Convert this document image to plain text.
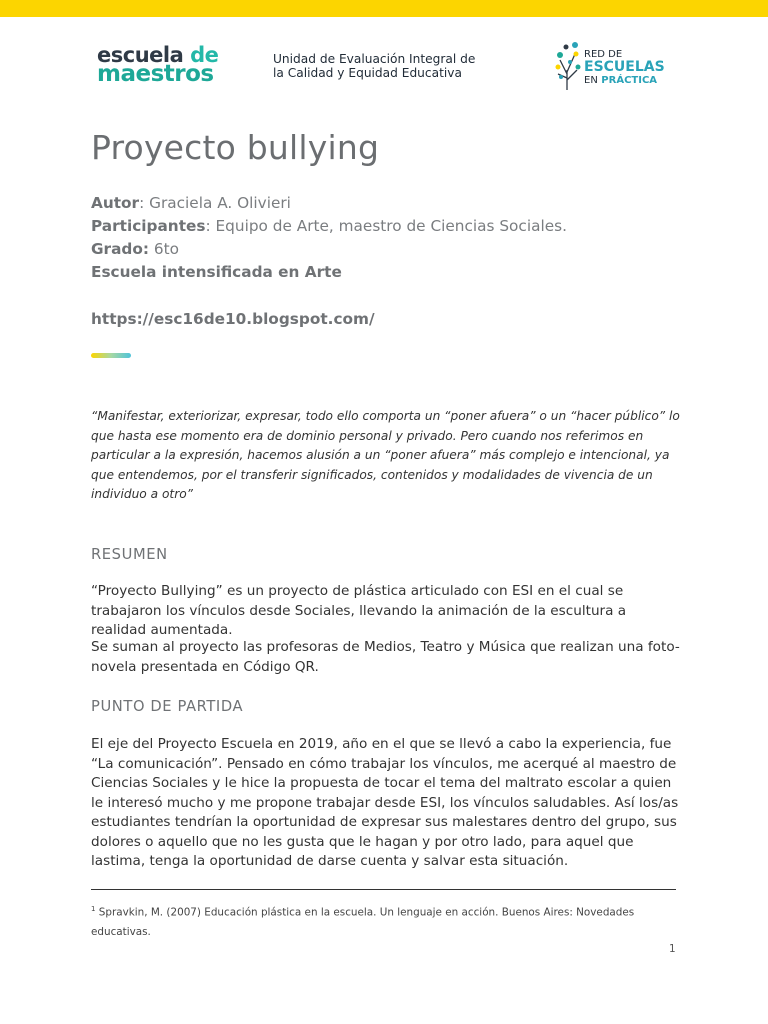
escuela de
maestros
Unidad de Evaluación Integral de
la Calidad y Equidad Educativa
RED DE
ESCUELAS
EN PRÁCTICA
Proyecto bullying
Autor: Graciela A. Olivieri
Participantes: Equipo de Arte, maestro de Ciencias Sociales.
Grado: 6to
Escuela intensificada en Arte
https://esc16de10.blogspot.com/
“Manifestar, exteriorizar, expresar, todo ello comporta un “poner afuera” o un “hacer público” lo que hasta ese momento era de dominio personal y privado. Pero cuando nos referimos en particular a la expresión, hacemos alusión a un “poner afuera” más complejo e intencional, ya que entendemos, por el transferir significados, contenidos y modalidades de vivencia de un individuo a otro”
RESUMEN

“Proyecto Bullying” es un proyecto de plástica articulado con ESI en el cual se trabajaron los vínculos desde Sociales, llevando la animación de la escultura a realidad aumentada.

Se suman al proyecto las profesoras de Medios, Teatro y Música que realizan una foto-novela presentada en Código QR.

PUNTO DE PARTIDA

El eje del Proyecto Escuela en 2019, año en el que se llevó a cabo la experiencia, fue “La comunicación”. Pensado en cómo trabajar los vínculos, me acerqué al maestro de Ciencias Sociales y le hice la propuesta de tocar el tema del maltrato escolar a quien le interesó mucho y me propone trabajar desde ESI, los vínculos saludables. Así los/as estudiantes tendrían la oportunidad de expresar sus malestares dentro del grupo, sus dolores o aquello que no les gusta que le hagan y por otro lado, para aquel que lastima, tenga la oportunidad de darse cuenta y salvar esta situación.

$^1$ Spravkin, M. (2007) Educación plástica en la escuela. Un lenguaje en acción. Buenos Aires: Novedades educativas.
1
